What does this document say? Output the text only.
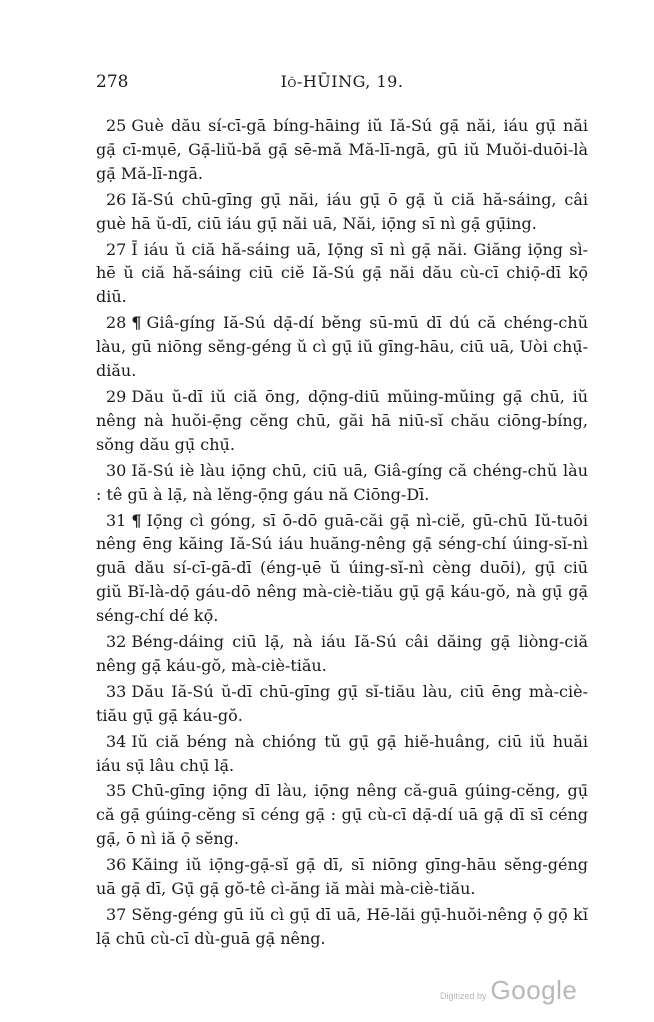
278	Iŏ-HŪING, 19.

25 Guè dău sí-cī-gā bíng-hāing iŭ Iă-Sú gạ̄ năi, iáu gụ̄ năi gạ̄ cī-mụē, Gạ̄-liŭ-bă gạ̄ sē-mă Mă-lī-ngā, gū iŭ Muŏi-duōi-là gạ̄ Mă-lī-ngā.

26 Iă-Sú chū-gīng gụ̄ năi, iáu gụ̄ ō gạ̄ ŭ ciă hă-sáing, câi guè hā ŭ-dī, ciū iáu gụ̄ năi uā, Năi, iọ̄ng sī nì gạ̄ gụ̄ing.

27 Ī iáu ŭ ciă hă-sáing uā, Iọ̄ng sī nì gạ̄ năi. Giăng iọ̄ng sì-hē ŭ ciă hă-sáing ciū ciĕ Iă-Sú gạ̄ năi dău cù-cī chiọ̄-dī kọ̄ diū.

28 ¶ Giâ-gíng Iă-Sú dạ̄-dí bĕng sū-mū dī dú că chéng-chŭ làu, gū niōng sĕng-géng ŭ cì gụ̄ iŭ gīng-hāu, ciū uā, Uòi chụ̄-diău.

29 Dău ŭ-dī iŭ ciă ōng, dọ̄ng-diū mŭing-mŭing gạ̄ chū, iŭ nêng nà huŏi-ẹ̄ng cĕng chū, găi hā niū-sĭ chău ciōng-bíng, sŏng dău gụ̄ chụ̄.

30 Iă-Sú iè làu iọ̄ng chū, ciū uā, Giâ-gíng că chéng-chŭ làu : tê gū à lạ̄, nà lĕng-ọ̄ng gáu nă Ciōng-Dī.

31 ¶ Iọ̄ng cì góng, sī ō-dō guā-căi gạ̄ nì-ciĕ, gū-chū Iŭ-tuōi nêng ēng kăing Iă-Sú iáu huăng-nêng gạ̄ séng-chí úing-sĭ-nì guā dău sí-cī-gā-dī (éng-ụē ŭ úing-sĭ-nì cèng duōi), gụ̄ ciū giŭ Bĭ-là-dọ̄ gáu-dō nêng mà-ciè-tiău gụ̄ gạ̄ káu-gŏ, nà gụ̄ gạ̄ séng-chí dé kọ̄.

32 Béng-dáing ciū lạ̄, nà iáu Iă-Sú câi dăing gạ̄ liòng-ciă nêng gạ̄ káu-gŏ, mà-ciè-tiău.

33 Dău Iă-Sú ŭ-dī chū-gīng gụ̄ sĭ-tiău làu, ciū ēng mà-ciè-tiău gụ̄ gạ̄ káu-gŏ.

34 Iŭ ciă béng nà chióng tŭ gụ̄ gạ̄ hiĕ-huâng, ciū iŭ huăi iáu sụ̄ lâu chụ̄ lạ̄.

35 Chū-gīng iọ̄ng dī làu, iọ̄ng nêng că-guā gúing-cĕng, gụ̄ că gạ̄ gúing-cĕng sī céng gạ̄ : gụ̄ cù-cī dạ̄-dí uā gạ̄ dī sī céng gạ̄, ō nì iă ọ̄ sĕng.

36 Kăing iŭ iọ̄ng-gạ̄-sĭ gạ̄ dī, sī niōng gīng-hāu sĕng-géng uā gạ̄ dī, Gụ̄ gạ̄ gŏ-tê cì-ăng iă mài mà-ciè-tiău.

37 Sĕng-géng gū iŭ cì gụ̄ dī uā, Hē-lăi gụ̄-huŏi-nêng ọ̄ gọ̄ kĭ lạ̄ chū cù-cī dù-guā gạ̄ nêng.

Digitized by Google
